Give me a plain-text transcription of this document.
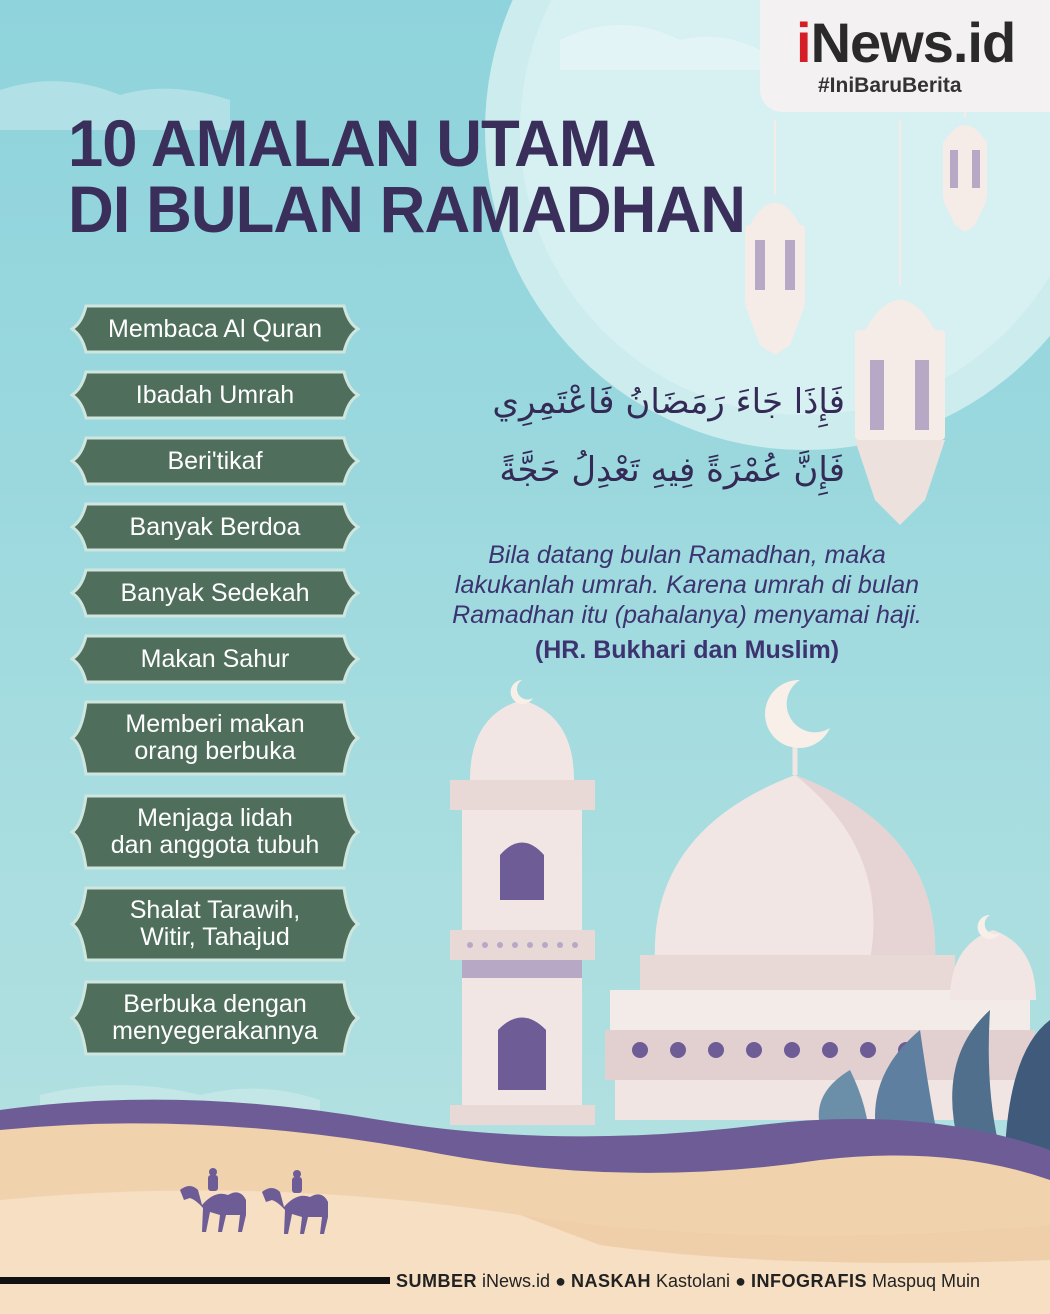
iNews.id
#IniBaruBerita
10 AMALAN UTAMA
DI BULAN RAMADHAN
Membaca Al Quran
Ibadah Umrah
Beri'tikaf
Banyak Berdoa
Banyak Sedekah
Makan Sahur
Memberi makan
orang berbuka
Menjaga lidah
dan anggota tubuh
Shalat Tarawih,
Witir, Tahajud
Berbuka dengan
menyegerakannya
فَإِذَا جَاءَ رَمَضَانُ فَاعْتَمِرِي
فَإِنَّ عُمْرَةً فِيهِ تَعْدِلُ حَجَّةً
Bila datang bulan Ramadhan, maka
lakukanlah umrah. Karena umrah di bulan
Ramadhan itu (pahalanya) menyamai haji.
(HR. Bukhari dan Muslim)
SUMBER iNews.id ● NASKAH Kastolani ● INFOGRAFIS Maspuq Muin
